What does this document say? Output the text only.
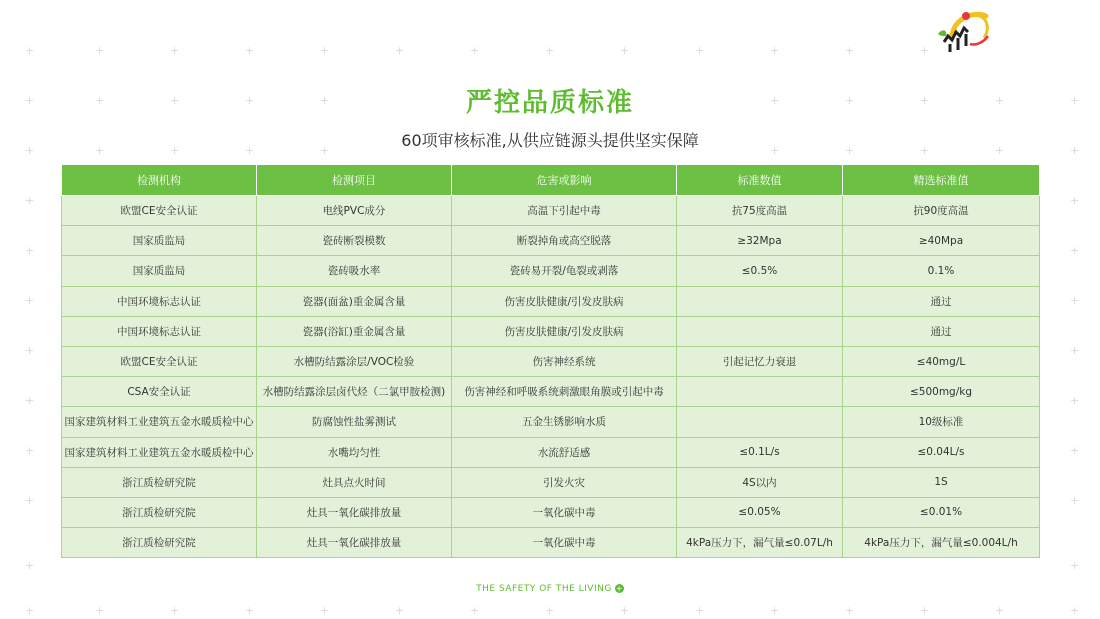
+	+	+	+	+	+	+	+	+	+	+	+	+
+	+	+	+	+	+	+	+	+	+
+	+	+	+	+	+	+	+	+	+
+	+
+	+
+	+
+	+
+	+
+	+
+	+
+	+
+	+	+	+	+	+	+	+	+	+	+	+	+	+	+
严控品质标准
60项审核标准,从供应链源头提供坚实保障
检测机构	检测项目	危害或影响	标准数值	精选标准值
欧盟CE安全认证	电线PVC成分	高温下引起中毒	抗75度高温	抗90度高温
国家质监局	瓷砖断裂模数	断裂掉角或高空脱落	≥32Mpa	≥40Mpa
国家质监局	瓷砖吸水率	瓷砖易开裂/龟裂或剥落	≤0.5%	0.1%
中国环境标志认证	瓷器(面盆)重金属含量	伤害皮肤健康/引发皮肤病		通过
中国环境标志认证	瓷器(浴缸)重金属含量	伤害皮肤健康/引发皮肤病		通过
欧盟CE安全认证	水槽防结露涂层/VOC检验	伤害神经系统	引起记忆力衰退	≤40mg/L
CSA安全认证	水槽防结露涂层卤代烃（二氯甲胺检测)	伤害神经和呼吸系统刺激眼角膜或引起中毒		≤500mg/kg
国家建筑材料工业建筑五金水暖质检中心	防腐蚀性盐雾测试	五金生锈影响水质		10级标准
国家建筑材料工业建筑五金水暖质检中心	水嘴均匀性	水流舒适感	≤0.1L/s	≤0.04L/s
浙江质检研究院	灶具点火时间	引发火灾	4S以内	1S
浙江质检研究院	灶具一氧化碳排放量	一氧化碳中毒	≤0.05%	≤0.01%
浙江质检研究院	灶具一氧化碳排放量	一氧化碳中毒	4kPa压力下，漏气量≤0.07L/h	4kPa压力下，漏气量≤0.004L/h
THE SAFETY OF THE LIVING +
